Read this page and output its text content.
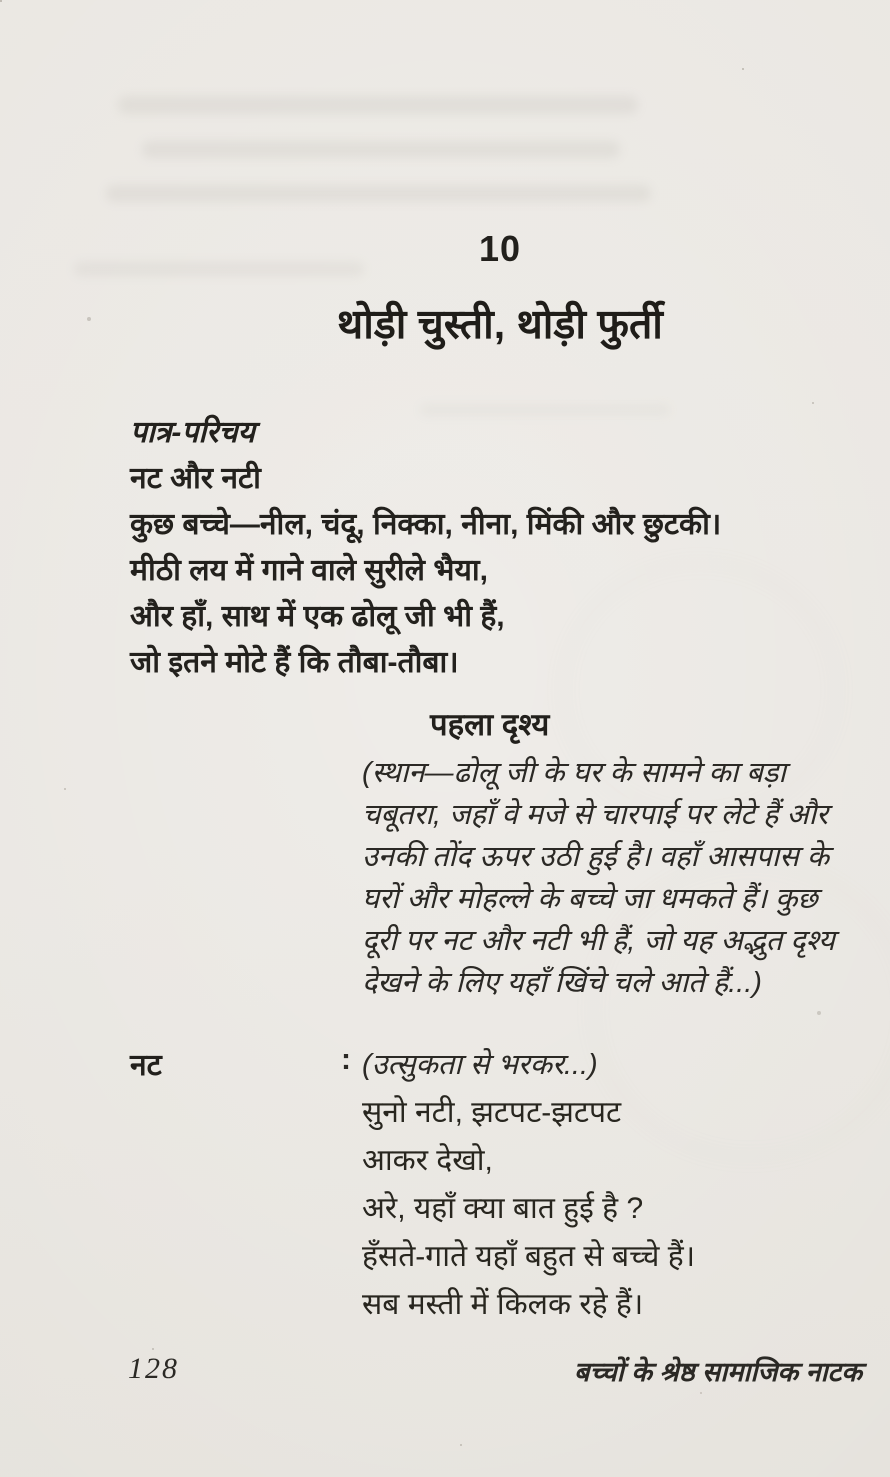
10
थोड़ी चुस्ती, थोड़ी फुर्ती
पात्र-परिचय
नट और नटी
कुछ बच्चे—नील, चंदू, निक्का, नीना, मिंकी और छुटकी।
मीठी लय में गाने वाले सुरीले भैया,
और हाँ, साथ में एक ढोलू जी भी हैं,
जो इतने मोटे हैं कि तौबा-तौबा।
पहला दृश्य
(स्थान—ढोलू जी के घर के सामने का बड़ा
चबूतरा, जहाँ वे मजे से चारपाई पर लेटे हैं और
उनकी तोंद ऊपर उठी हुई है। वहाँ आसपास के
घरों और मोहल्ले के बच्चे जा धमकते हैं। कुछ
दूरी पर नट और नटी भी हैं, जो यह अद्भुत दृश्य
देखने के लिए यहाँ खिंचे चले आते हैं...)
नट	: (उत्सुकता से भरकर...)
सुनो नटी, झटपट-झटपट
आकर देखो,
अरे, यहाँ क्या बात हुई है ?
हँसते-गाते यहाँ बहुत से बच्चे हैं।
सब मस्ती में किलक रहे हैं।
128	बच्चों के श्रेष्ठ सामाजिक नाटक
